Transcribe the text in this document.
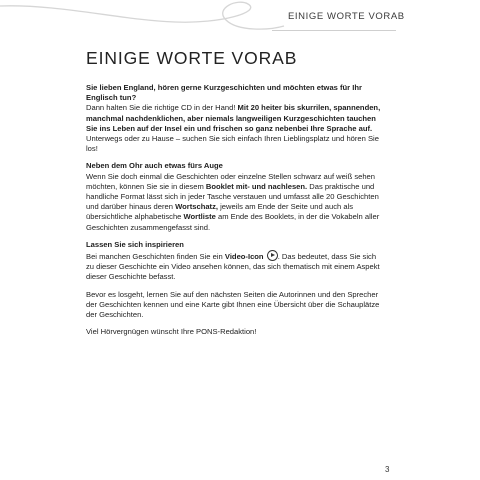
EINIGE WORTE VORAB
EINIGE WORTE VORAB
Sie lieben England, hören gerne Kurzgeschichten und möchten etwas für Ihr Englisch tun?

Dann halten Sie die richtige CD in der Hand! Mit 20 heiter bis skurrilen, spannenden, manchmal nachdenklichen, aber niemals langweiligen Kurzgeschichten tauchen Sie ins Leben auf der Insel ein und frischen so ganz nebenbei Ihre Sprache auf. Unterwegs oder zu Hause – suchen Sie sich einfach Ihren Lieblingsplatz und hören Sie los!

Neben dem Ohr auch etwas fürs Auge

Wenn Sie doch einmal die Geschichten oder einzelne Stellen schwarz auf weiß sehen möchten, können Sie sie in diesem Booklet mit- und nachlesen. Das praktische und handliche Format lässt sich in jeder Tasche verstauen und umfasst alle 20 Geschichten und darüber hinaus deren Wortschatz, jeweils am Ende der Seite und auch als übersichtliche alphabetische Wortliste am Ende des Booklets, in der die Vokabeln aller Geschichten zusammengefasst sind.

Lassen Sie sich inspirieren

Bei manchen Geschichten finden Sie ein Video-Icon . Das bedeutet, dass Sie sich zu dieser Geschichte ein Video ansehen können, das sich thematisch mit einem Aspekt dieser Geschichte befasst.

Bevor es losgeht, lernen Sie auf den nächsten Seiten die Autorinnen und den Sprecher der Geschichten kennen und eine Karte gibt Ihnen eine Übersicht über die Schauplätze der Geschichten.

Viel Hörvergnügen wünscht Ihre PONS-Redaktion!

3
